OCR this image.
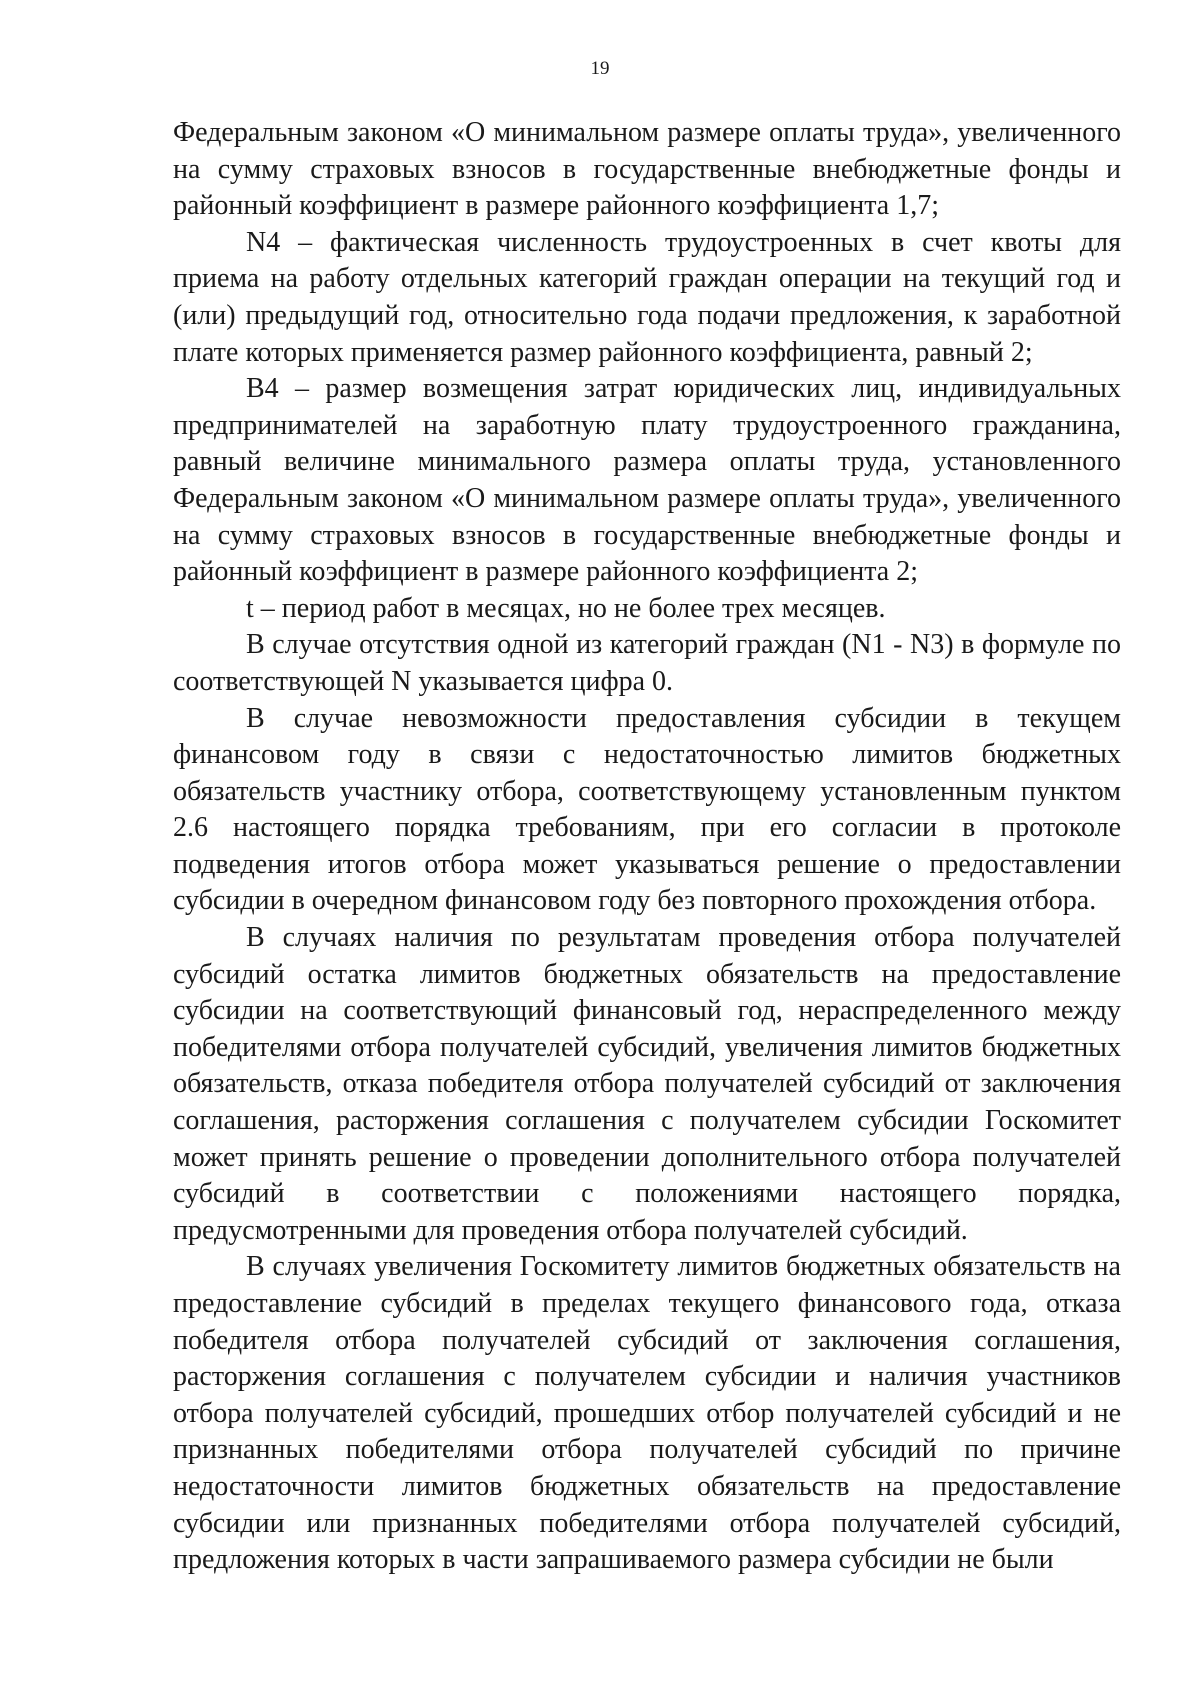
19

Федеральным законом «О минимальном размере оплаты труда», увеличенного на сумму страховых взносов в государственные внебюджетные фонды и районный коэффициент в размере районного коэффициента 1,7;

N4 – фактическая численность трудоустроенных в счет квоты для приема на работу отдельных категорий граждан операции на текущий год и (или) предыдущий год, относительно года подачи предложения, к заработной плате которых применяется размер районного коэффициента, равный 2;

B4 – размер возмещения затрат юридических лиц, индивидуальных предпринимателей на заработную плату трудоустроенного гражданина, равный величине минимального размера оплаты труда, установленного Федеральным законом «О минимальном размере оплаты труда», увеличенного на сумму страховых взносов в государственные внебюджетные фонды и районный коэффициент в размере районного коэффициента 2;

t – период работ в месяцах, но не более трех месяцев.

В случае отсутствия одной из категорий граждан (N1 - N3) в формуле по соответствующей N указывается цифра 0.

В случае невозможности предоставления субсидии в текущем финансовом году в связи с недостаточностью лимитов бюджетных обязательств участнику отбора, соответствующему установленным пунктом 2.6 настоящего порядка требованиям, при его согласии в протоколе подведения итогов отбора может указываться решение о предоставлении субсидии в очередном финансовом году без повторного прохождения отбора.

В случаях наличия по результатам проведения отбора получателей субсидий остатка лимитов бюджетных обязательств на предоставление субсидии на соответствующий финансовый год, нераспределенного между победителями отбора получателей субсидий, увеличения лимитов бюджетных обязательств, отказа победителя отбора получателей субсидий от заключения соглашения, расторжения соглашения с получателем субсидии Госкомитет может принять решение о проведении дополнительного отбора получателей субсидий в соответствии с положениями настоящего порядка, предусмотренными для проведения отбора получателей субсидий.

В случаях увеличения Госкомитету лимитов бюджетных обязательств на предоставление субсидий в пределах текущего финансового года, отказа победителя отбора получателей субсидий от заключения соглашения, расторжения соглашения с получателем субсидии и наличия участников отбора получателей субсидий, прошедших отбор получателей субсидий и не признанных победителями отбора получателей субсидий по причине недостаточности лимитов бюджетных обязательств на предоставление субсидии или признанных победителями отбора получателей субсидий, предложения которых в части запрашиваемого размера субсидии не были
